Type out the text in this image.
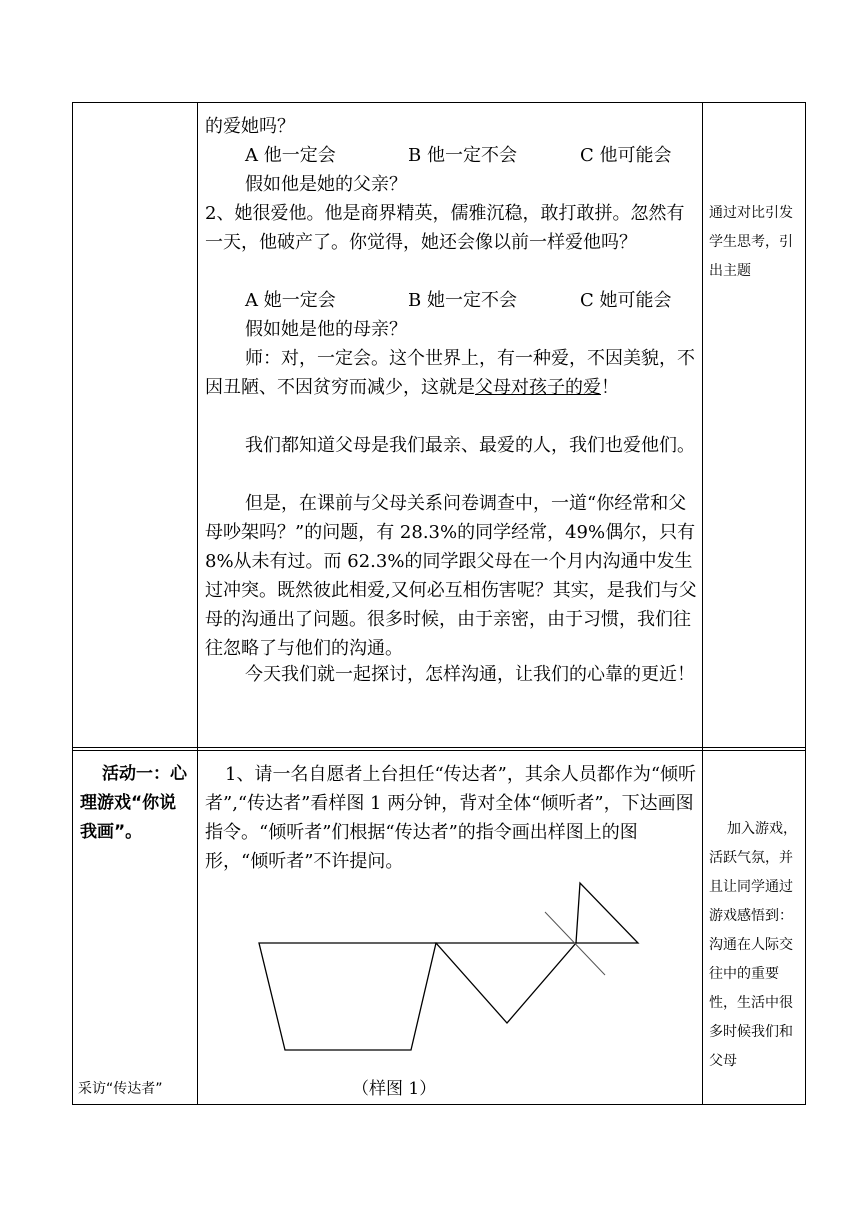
的爱她吗？

A 他一定会	B 他一定不会	C 他可能会

假如他是她的父亲？

2、她很爱他。他是商界精英，儒雅沉稳，敢打敢拼。忽然有一天，他破产了。你觉得，她还会像以前一样爱他吗？

A 她一定会	B 她一定不会	C 她可能会

假如她是他的母亲？

师：对，一定会。这个世界上，有一种爱，不因美貌，不因丑陋、不因贫穷而减少，这就是父母对孩子的爱！

我们都知道父母是我们最亲、最爱的人，我们也爱他们。

但是，在课前与父母关系问卷调查中，一道“你经常和父母吵架吗？”的问题，有 28.3%的同学经常，49%偶尔，只有 8%从未有过。而 62.3%的同学跟父母在一个月内沟通中发生过冲突。既然彼此相爱,又何必互相伤害呢？其实，是我们与父母的沟通出了问题。很多时候，由于亲密，由于习惯，我们往往忽略了与他们的沟通。

今天我们就一起探讨，怎样沟通，让我们的心靠的更近！

通过对比引发学生思考，引出主题

活动一：心理游戏“你说我画”。

1、请一名自愿者上台担任“传达者”，其余人员都作为“倾听者”,“传达者”看样图 1 两分钟，背对全体“倾听者”，下达画图指令。“倾听者”们根据“传达者”的指令画出样图上的图形，“倾听者”不许提问。

（样图 1）
采访“传达者”

加入游戏，活跃气氛，并且让同学通过游戏感悟到：沟通在人际交往中的重要性，生活中很多时候我们和父母
